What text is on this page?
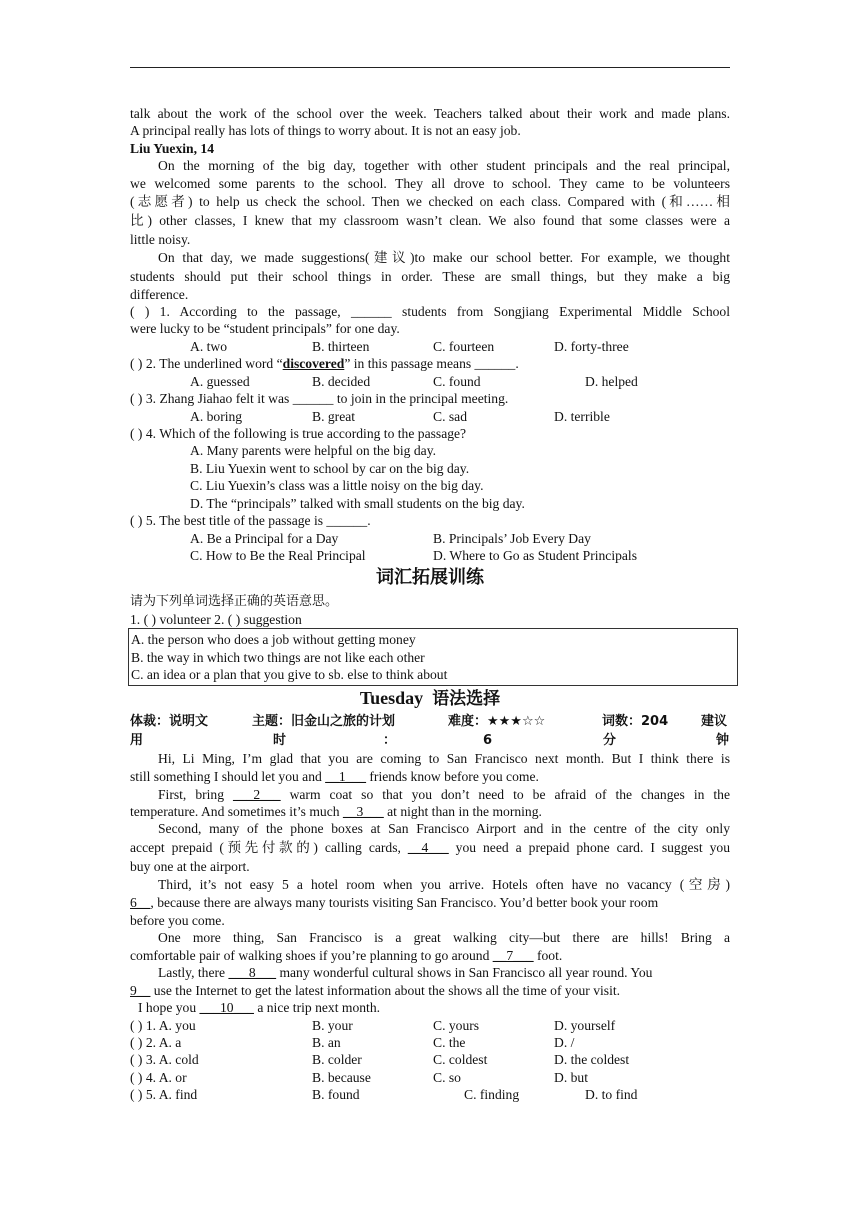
talk about the work of the school over the week. Teachers talked about their work and made plans.
A principal really has lots of things to worry about. It is not an easy job.
Liu Yuexin, 14
On the morning of the big day, together with other student principals and the real principal,
we welcomed some parents to the school. They all drove to school. They came to be volunteers
(志愿者) to help us check the school. Then we checked on each class. Compared with (和……相
比) other classes, I knew that my classroom wasn’t clean. We also found that some classes were a
little noisy.
On that day, we made suggestions(建议)to make our school better. For example, we thought
students should put their school things in order. These are small things, but they make a big
difference.
( ) 1. According to the passage, ______ students from Songjiang Experimental Middle School
were lucky to be “student principals” for one day.
A. two	B. thirteen	C. fourteen	D. forty-three
( ) 2. The underlined word “discovered” in this passage means ______.
A. guessed	B. decided	C. found	D. helped
( ) 3. Zhang Jiahao felt it was ______ to join in the principal meeting.
A. boring	B. great	C. sad	D. terrible
( ) 4. Which of the following is true according to the passage?
A. Many parents were helpful on the big day.
B. Liu Yuexin went to school by car on the big day.
C. Liu Yuexin’s class was a little noisy on the big day.
D. The “principals” talked with small students on the big day.
( ) 5. The best title of the passage is ______.
A. Be a Principal for a Day	B. Principals’ Job Every Day
C. How to Be the Real Principal	D. Where to Go as Student Principals
词汇拓展训练
请为下列单词选择正确的英语意思。
1. ( ) volunteer 2. ( ) suggestion
A. the person who does a job without getting money
B. the way in which two things are not like each other
C. an idea or a plan that you give to sb. else to think about
Tuesday 语法选择
体裁：说明文	主题：旧金山之旅的计划	难度：★★★☆☆	词数：204	建议
用	时	：	6	分	钟
Hi, Li Ming, I’m glad that you are coming to San Francisco next month. But I think there is
still something I should let you and __1___ friends know before you come.
First, bring ___2___ warm coat so that you don’t need to be afraid of the changes in the
temperature. And sometimes it’s much __3___ at night than in the morning.
Second, many of the phone boxes at San Francisco Airport and in the centre of the city only
accept prepaid (预先付款的) calling cards, __4___ you need a prepaid phone card. I suggest you
buy one at the airport.
Third, it’s not easy 5 a hotel room when you arrive. Hotels often have no vacancy (空房)
6__, because there are always many tourists visiting San Francisco. You’d better book your room
before you come.
One more thing, San Francisco is a great walking city—but there are hills! Bring a
comfortable pair of walking shoes if you’re planning to go around __7___ foot.
Lastly, there ___8___ many wonderful cultural shows in San Francisco all year round. You
9__ use the Internet to get the latest information about the shows all the time of your visit.
I hope you ___10___ a nice trip next month.
( ) 1. A. you	B. your	C. yours	D. yourself
( ) 2. A. a	B. an	C. the	D. /
( ) 3. A. cold	B. colder	C. coldest	D. the coldest
( ) 4. A. or	B. because	C. so	D. but
( ) 5. A. find	B. found	C. finding	D. to find
